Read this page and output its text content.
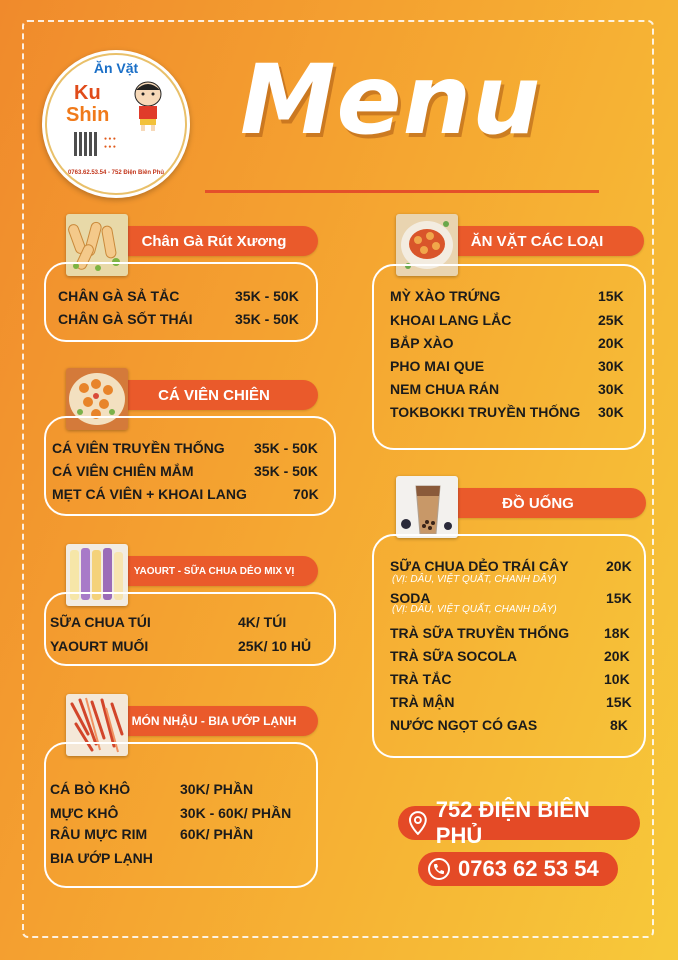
Ăn Vặt
Ku
Shin
● ● ●
● ● ●
0763.62.53.54 - 752 Điện Biên Phủ
Menu
Chân Gà Rút Xương
CHÂN GÀ SẢ TẮC	35K - 50K
CHÂN GÀ SỐT THÁI	35K - 50K
CÁ VIÊN CHIÊN
CÁ VIÊN TRUYỀN THỐNG 35K - 50K
CÁ VIÊN CHIÊN MẮM	35K - 50K
MẸT CÁ VIÊN + KHOAI LANG	70K
YAOURT - SỮA CHUA DẺO MIX VỊ
SỮA CHUA TÚI	4K/ TÚI
YAOURT MUỐI	25K/ 10 HỦ
MÓN NHẬU - BIA ƯỚP LẠNH
CÁ BÒ KHÔ	30K/ PHẦN
MỰC KHÔ	30K - 60K/ PHẦN
RÂU MỰC RIM 60K/ PHẦN
BIA ƯỚP LẠNH
ĂN VẶT CÁC LOẠI
MỲ XÀO TRỨNG	15K
KHOAI LANG LẮC	25K
BẮP XÀO	20K
PHO MAI QUE	30K
NEM CHUA RÁN	30K
TOKBOKKI TRUYỀN THỐNG 30K
ĐỒ UỐNG
SỮA CHUA DẺO TRÁI CÂY	20K
(VỊ: DÂU, VIỆT QUẤT, CHANH DÂY)
SODA	15K
(VỊ: DÂU, VIỆT QUẤT, CHANH DÂY)
TRÀ SỮA TRUYỀN THỐNG 18K
TRÀ SỮA SOCOLA	20K
TRÀ TẮC	10K
TRÀ MẬN	15K
NƯỚC NGỌT CÓ GAS	8K
752 ĐIỆN BIÊN PHỦ
0763 62 53 54
